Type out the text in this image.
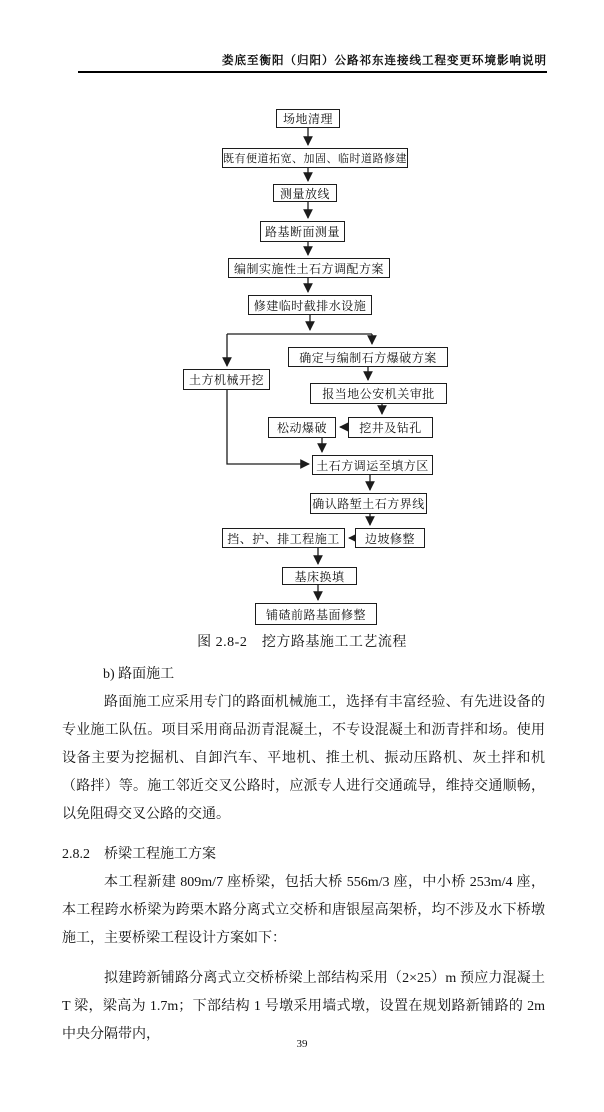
娄底至衡阳（归阳）公路祁东连接线工程变更环境影响说明
场地清理
既有便道拓宽、加固、临时道路修建
测量放线
路基断面测量
编制实施性土石方调配方案
修建临时截排水设施
土方机械开挖
确定与编制石方爆破方案
报当地公安机关审批
松动爆破	挖井及钻孔
土石方调运至填方区
确认路堑土石方界线
挡、护、排工程施工	边坡修整
基床换填
铺碴前路基面修整
图 2.8-2　挖方路基施工工艺流程
b) 路面施工

路面施工应采用专门的路面机械施工，选择有丰富经验、有先进设备的专业施工队伍。项目采用商品沥青混凝土，不专设混凝土和沥青拌和场。使用设备主要为挖掘机、自卸汽车、平地机、推土机、振动压路机、灰土拌和机（路拌）等。施工邻近交叉公路时，应派专人进行交通疏导，维持交通顺畅，以免阻碍交叉公路的交通。

2.8.2　桥梁工程施工方案

本工程新建 809m/7 座桥梁，包括大桥 556m/3 座，中小桥 253m/4 座，本工程跨水桥梁为跨栗木路分离式立交桥和唐银屋高架桥，均不涉及水下桥墩施工，主要桥梁工程设计方案如下：

拟建跨新铺路分离式立交桥桥梁上部结构采用（2×25）m 预应力混凝土 T 梁，梁高为 1.7m；下部结构 1 号墩采用墙式墩，设置在规划路新铺路的 2m 中央分隔带内，

39
